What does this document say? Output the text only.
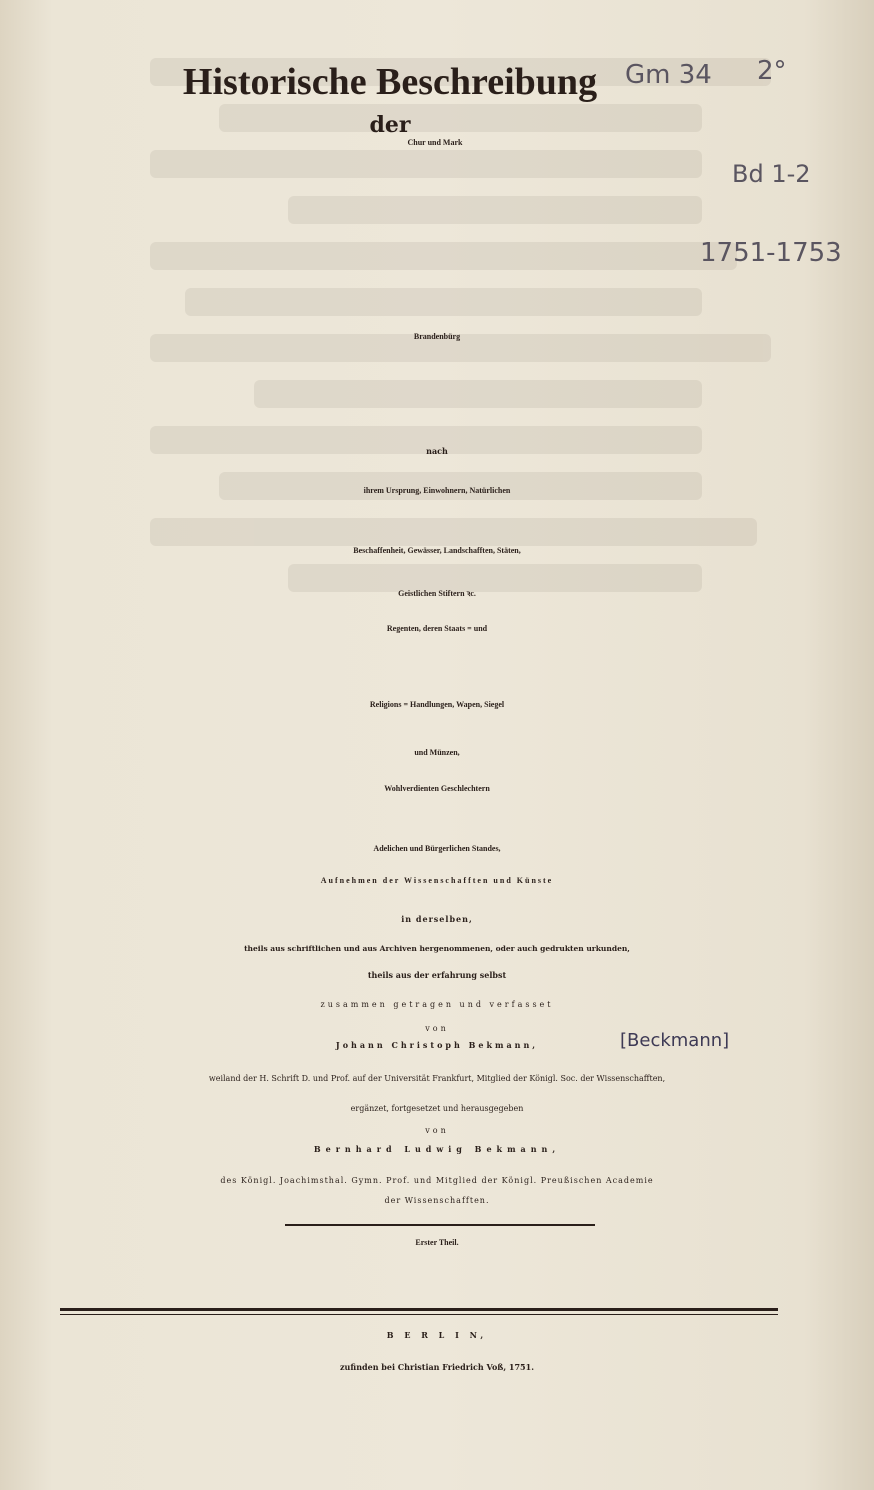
Gm 34 2°
Bd 1-2
1751-1753
[Beckmann]
Historische Beschreibung
der
Chur und Mark
Brandenbürg
nach
ihrem Ursprung, Einwohnern, Natürlichen
Beschaffenheit, Gewässer, Landschafften, Stäten,
Geistlichen Stiftern ꝛc.
Regenten, deren Staats = und
Religions = Handlungen, Wapen, Siegel
und Münzen,
Wohlverdienten Geschlechtern
Adelichen und Bürgerlichen Standes,
Aufnehmen der Wissenschafften und Künste
in derselben,
theils aus schriftlichen und aus Archiven hergenommenen, oder auch gedrukten urkunden,
theils aus der erfahrung selbst
zusammen getragen und verfasset
von
Johann Christoph Bekmann,
weiland der H. Schrift D. und Prof. auf der Universität Frankfurt, Mitglied der Königl. Soc. der Wissenschafften,
ergänzet, fortgesetzet und herausgegeben
von
Bernhard Ludwig Bekmann,
des Königl. Joachimsthal. Gymn. Prof. und Mitglied der Königl. Preußischen Academie
der Wissenschafften.
Erster Theil.
B E R L I N,
zufinden bei Christian Friedrich Voß, 1751.
